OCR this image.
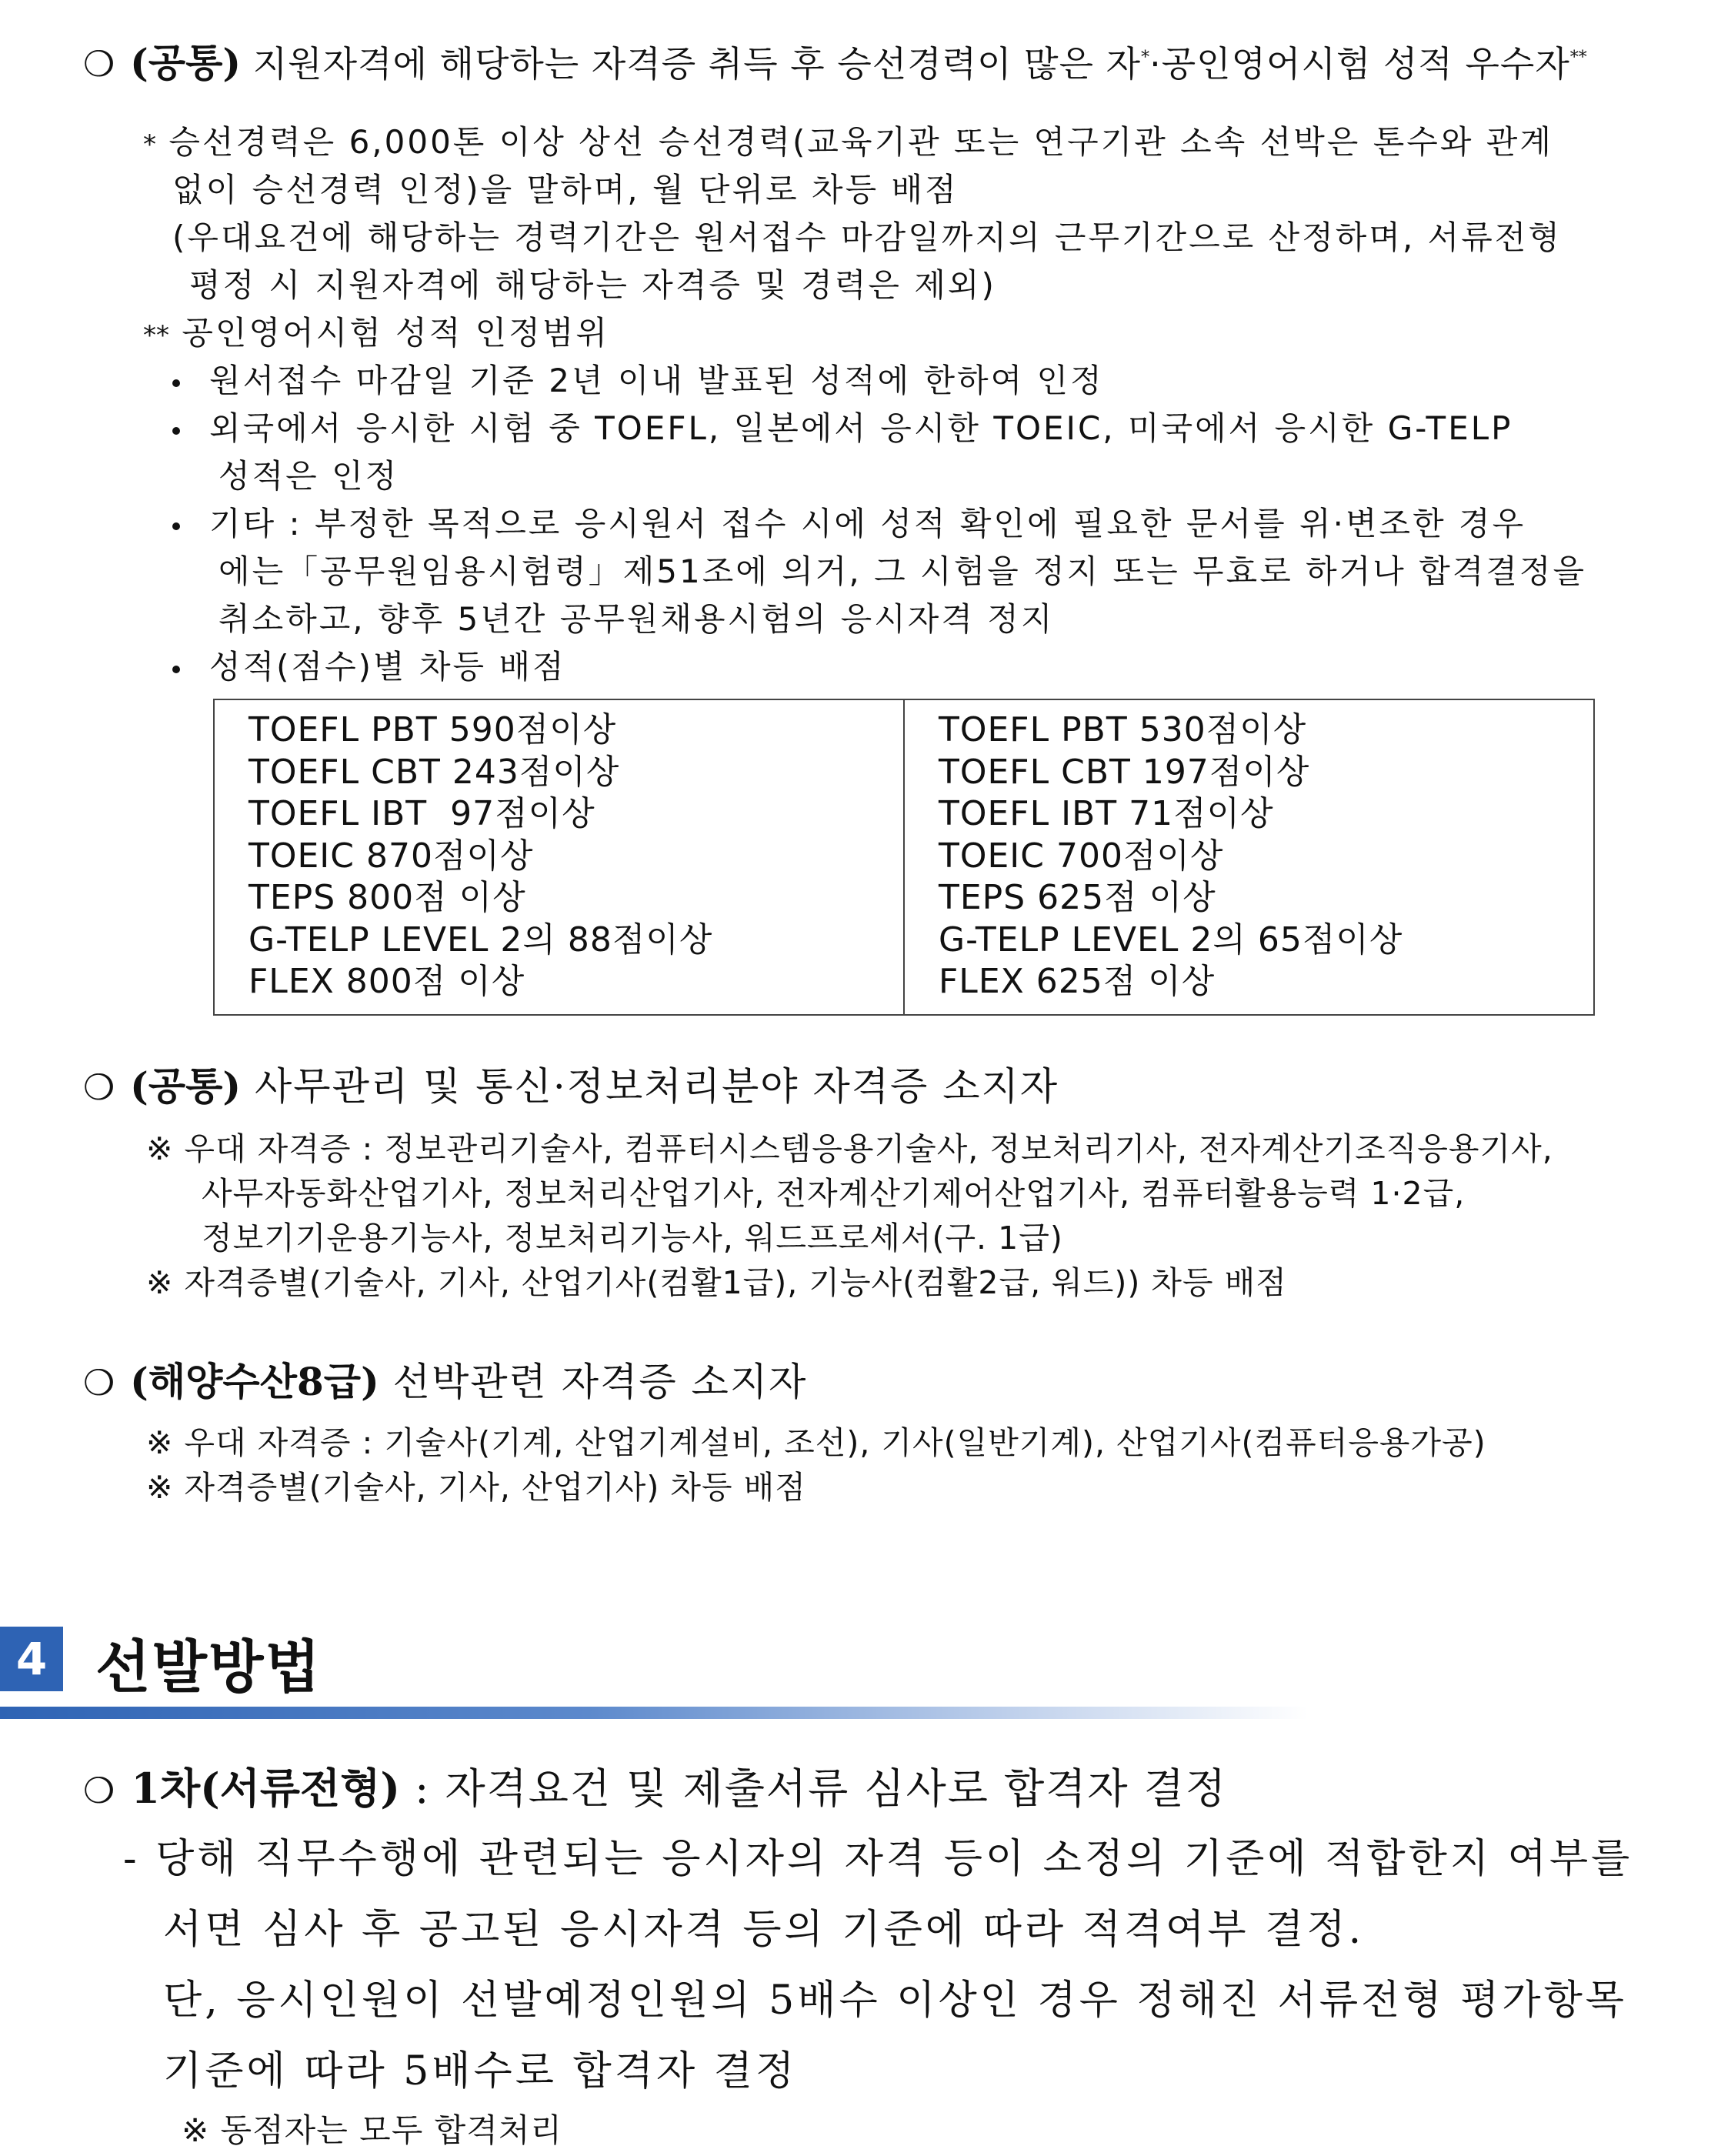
❍ (공통) 지원자격에 해당하는 자격증 취득 후 승선경력이 많은 자*·공인영어시험 성적 우수자**
* 승선경력은 6,000톤 이상 상선 승선경력(교육기관 또는 연구기관 소속 선박은 톤수와 관계
없이 승선경력 인정)을 말하며, 월 단위로 차등 배점
(우대요건에 해당하는 경력기간은 원서접수 마감일까지의 근무기간으로 산정하며, 서류전형
평정 시 지원자격에 해당하는 자격증 및 경력은 제외)
** 공인영어시험 성적 인정범위
원서접수 마감일 기준 2년 이내 발표된 성적에 한하여 인정
외국에서 응시한 시험 중 TOEFL, 일본에서 응시한 TOEIC, 미국에서 응시한 G-TELP
성적은 인정
기타 : 부정한 목적으로 응시원서 접수 시에 성적 확인에 필요한 문서를 위·변조한 경우
에는「공무원임용시험령」제51조에 의거, 그 시험을 정지 또는 무효로 하거나 합격결정을
취소하고, 향후 5년간 공무원채용시험의 응시자격 정지
성적(점수)별 차등 배점
TOEFL PBT 590점이상
TOEFL CBT 243점이상
TOEFL IBT  97점이상
TOEIC 870점이상
TEPS 800점 이상
G-TELP LEVEL 2의 88점이상
FLEX 800점 이상
TOEFL PBT 530점이상
TOEFL CBT 197점이상
TOEFL IBT 71점이상
TOEIC 700점이상
TEPS 625점 이상
G-TELP LEVEL 2의 65점이상
FLEX 625점 이상
❍ (공통) 사무관리 및 통신·정보처리분야 자격증 소지자
※ 우대 자격증 : 정보관리기술사, 컴퓨터시스템응용기술사, 정보처리기사, 전자계산기조직응용기사,
사무자동화산업기사, 정보처리산업기사, 전자계산기제어산업기사, 컴퓨터활용능력 1·2급,
정보기기운용기능사, 정보처리기능사, 워드프로세서(구. 1급)
※ 자격증별(기술사, 기사, 산업기사(컴활1급), 기능사(컴활2급, 워드)) 차등 배점
❍ (해양수산8급) 선박관련 자격증 소지자
※ 우대 자격증 : 기술사(기계, 산업기계설비, 조선), 기사(일반기계), 산업기사(컴퓨터응용가공)
※ 자격증별(기술사, 기사, 산업기사) 차등 배점
4 선발방법
❍ 1차(서류전형) : 자격요건 및 제출서류 심사로 합격자 결정
- 당해 직무수행에 관련되는 응시자의 자격 등이 소정의 기준에 적합한지 여부를
서면 심사 후 공고된 응시자격 등의 기준에 따라 적격여부 결정.
단, 응시인원이 선발예정인원의 5배수 이상인 경우 정해진 서류전형 평가항목
기준에 따라 5배수로 합격자 결정
※ 동점자는 모두 합격처리
